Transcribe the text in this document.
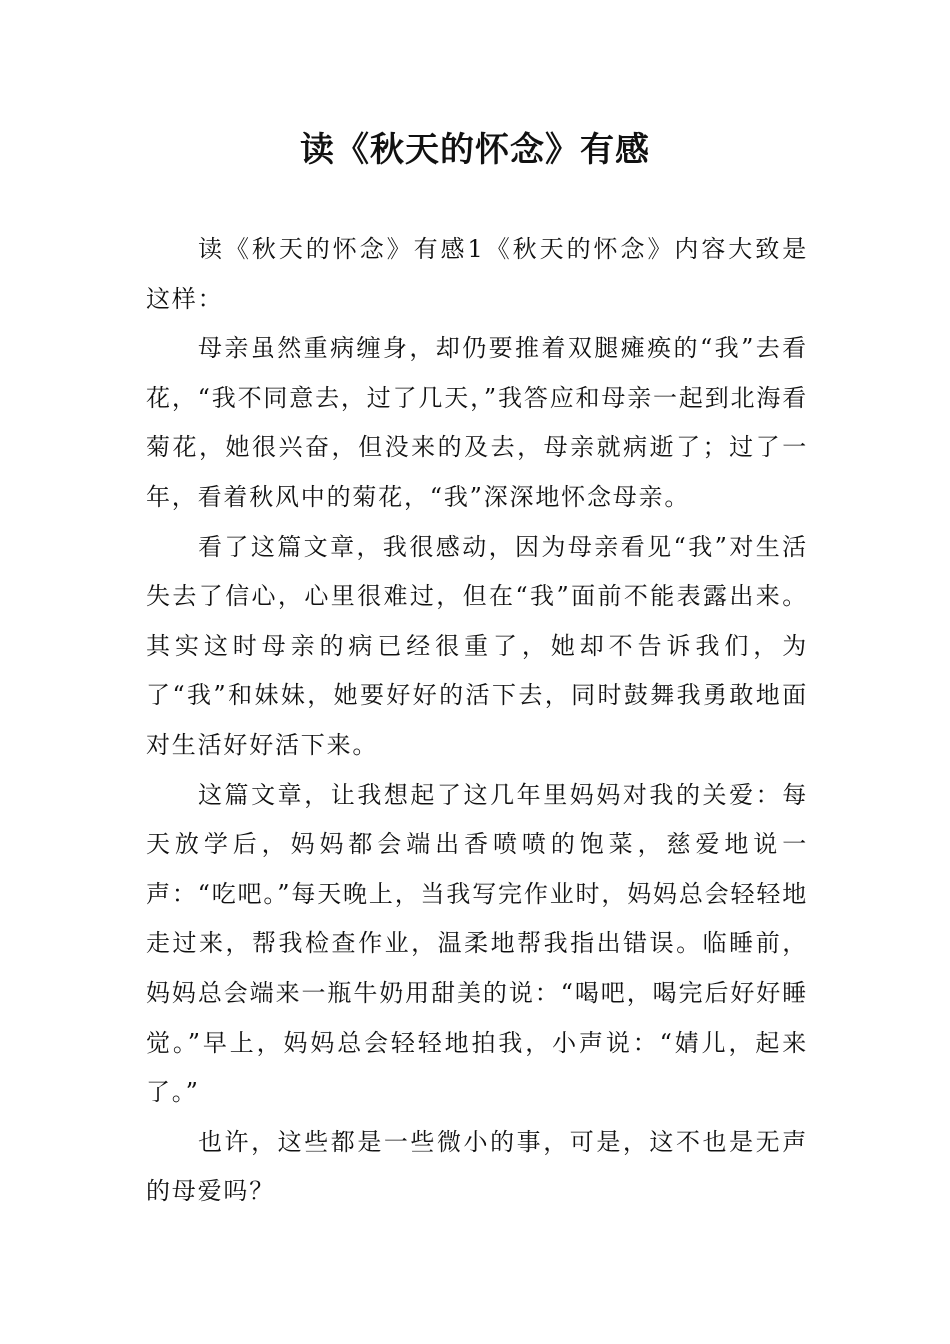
读《秋天的怀念》有感

读《秋天的怀念》有感1《秋天的怀念》内容大致是这样：

母亲虽然重病缠身，却仍要推着双腿瘫痪的“我”去看花，“我不同意去，过了几天，”我答应和母亲一起到北海看菊花，她很兴奋，但没来的及去，母亲就病逝了；过了一年，看着秋风中的菊花，“我”深深地怀念母亲。

看了这篇文章，我很感动，因为母亲看见“我”对生活失去了信心，心里很难过，但在“我”面前不能表露出来。其实这时母亲的病已经很重了，她却不告诉我们，为了“我”和妹妹，她要好好的活下去，同时鼓舞我勇敢地面对生活好好活下来。

这篇文章，让我想起了这几年里妈妈对我的关爱：每天放学后，妈妈都会端出香喷喷的饱菜，慈爱地说一声：“吃吧。”每天晚上，当我写完作业时，妈妈总会轻轻地走过来，帮我检查作业，温柔地帮我指出错误。临睡前，妈妈总会端来一瓶牛奶用甜美的说：“喝吧，喝完后好好睡觉。”早上，妈妈总会轻轻地拍我，小声说：“婧儿，起来了。”

也许，这些都是一些微小的事，可是，这不也是无声的母爱吗？
